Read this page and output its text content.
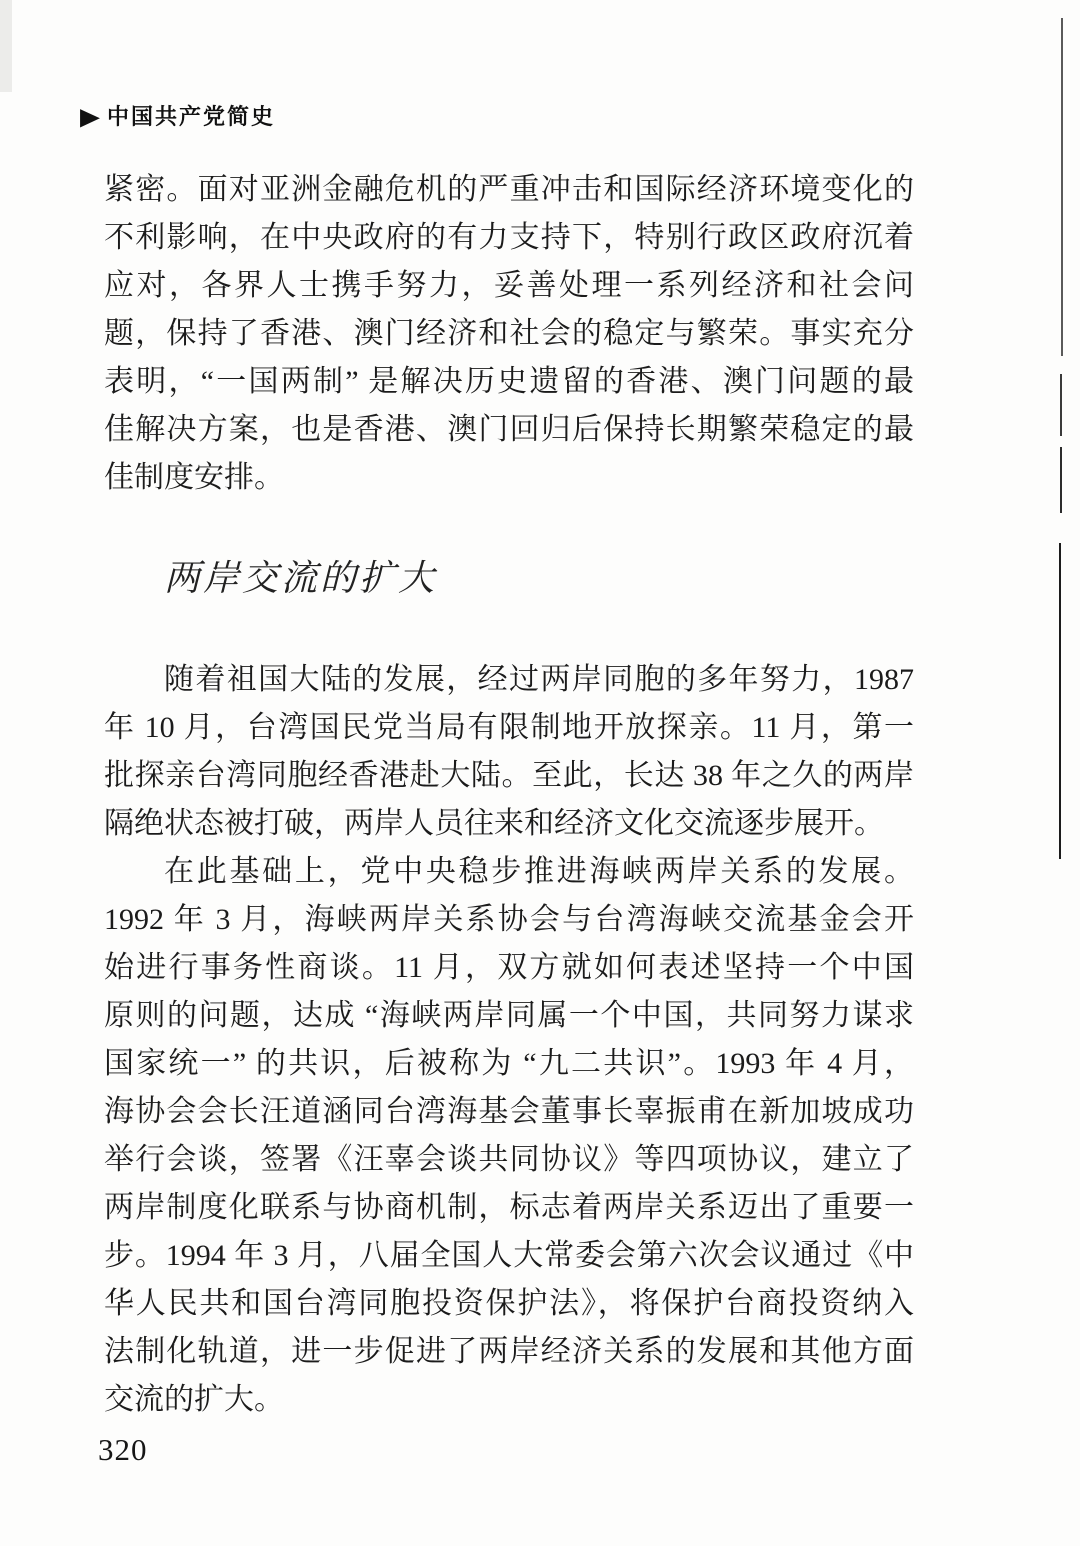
▶ 中国共产党简史
紧密。面对亚洲金融危机的严重冲击和国际经济环境变化的
不利影响，在中央政府的有力支持下，特别行政区政府沉着
应对，各界人士携手努力，妥善处理一系列经济和社会问
题，保持了香港、澳门经济和社会的稳定与繁荣。事实充分
表明，“一国两制” 是解决历史遗留的香港、澳门问题的最
佳解决方案，也是香港、澳门回归后保持长期繁荣稳定的最
佳制度安排。
两岸交流的扩大
随着祖国大陆的发展，经过两岸同胞的多年努力，1987
年 10 月，台湾国民党当局有限制地开放探亲。11 月，第一
批探亲台湾同胞经香港赴大陆。至此，长达 38 年之久的两岸
隔绝状态被打破，两岸人员往来和经济文化交流逐步展开。
在此基础上，党中央稳步推进海峡两岸关系的发展。
1992 年 3 月，海峡两岸关系协会与台湾海峡交流基金会开
始进行事务性商谈。11 月，双方就如何表述坚持一个中国
原则的问题，达成 “海峡两岸同属一个中国，共同努力谋求
国家统一” 的共识，后被称为 “九二共识”。1993 年 4 月，
海协会会长汪道涵同台湾海基会董事长辜振甫在新加坡成功
举行会谈，签署《汪辜会谈共同协议》等四项协议，建立了
两岸制度化联系与协商机制，标志着两岸关系迈出了重要一
步。1994 年 3 月，八届全国人大常委会第六次会议通过《中
华人民共和国台湾同胞投资保护法》，将保护台商投资纳入
法制化轨道，进一步促进了两岸经济关系的发展和其他方面
交流的扩大。
320
